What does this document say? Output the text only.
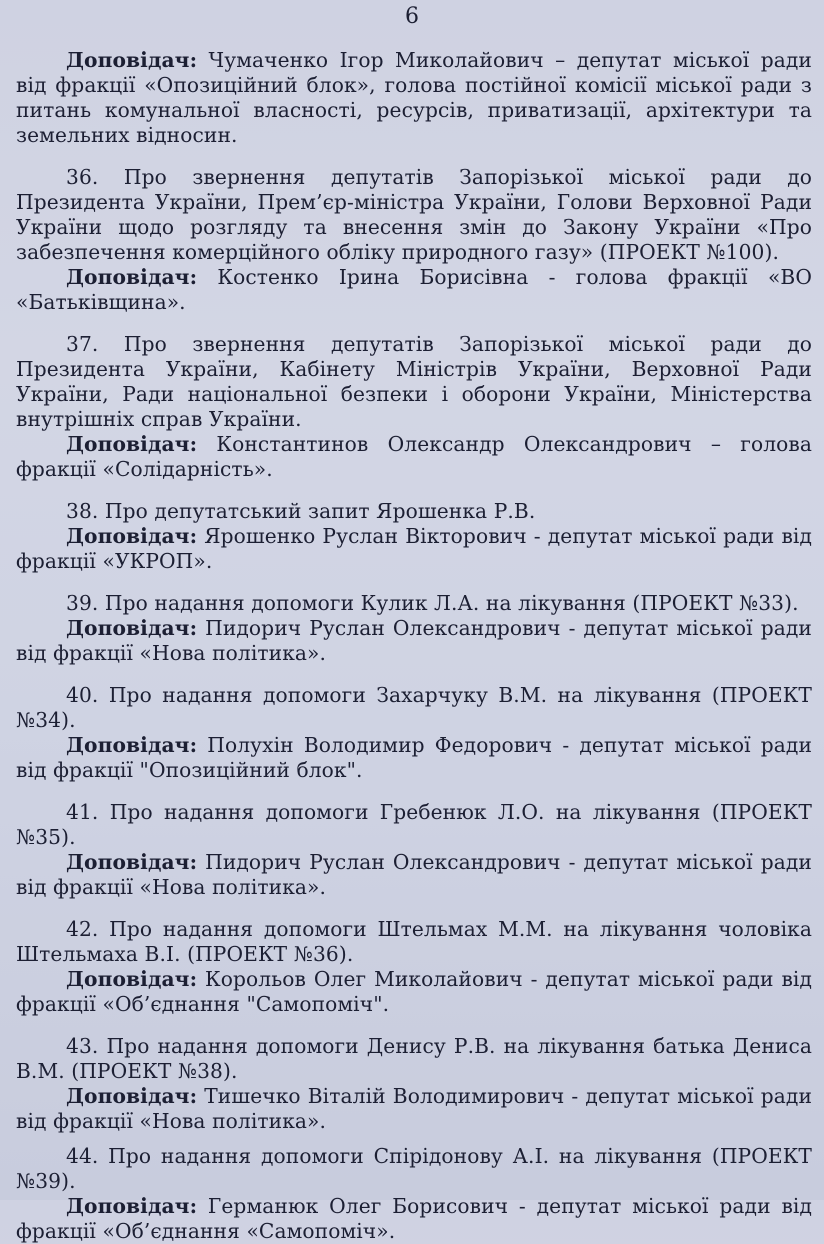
6

Доповідач: Чумаченко Ігор Миколайович – депутат міської ради від фракції «Опозиційний блок», голова постійної комісії міської ради з питань комунальної власності, ресурсів, приватизації, архітектури та земельних відносин.

36. Про звернення депутатів Запорізької міської ради до Президента України, Прем’єр-міністра України, Голови Верховної Ради України щодо розгляду та внесення змін до Закону України «Про забезпечення комерційного обліку природного газу» (ПРОЕКТ №100).

Доповідач: Костенко Ірина Борисівна - голова фракції «ВО «Батьківщина».

37. Про звернення депутатів Запорізької міської ради до Президента України, Кабінету Міністрів України, Верховної Ради України, Ради національної безпеки і оборони України, Міністерства внутрішніх справ України.

Доповідач: Константинов Олександр Олександрович – голова фракції «Солідарність».

38. Про депутатський запит Ярошенка Р.В.

Доповідач: Ярошенко Руслан Вікторович - депутат міської ради від фракції «УКРОП».

39. Про надання допомоги Кулик Л.А. на лікування (ПРОЕКТ №33).

Доповідач: Пидорич Руслан Олександрович - депутат міської ради від фракції «Нова політика».

40. Про надання допомоги Захарчуку В.М. на лікування (ПРОЕКТ №34).

Доповідач: Полухін Володимир Федорович - депутат міської ради від фракції "Опозиційний блок".

41. Про надання допомоги Гребенюк Л.О. на лікування (ПРОЕКТ №35).

Доповідач: Пидорич Руслан Олександрович - депутат міської ради від фракції «Нова політика».

42. Про надання допомоги Штельмах М.М. на лікування чоловіка Штельмаха В.І. (ПРОЕКТ №36).

Доповідач: Корольов Олег Миколайович - депутат міської ради від фракції «Об’єднання "Самопоміч".

43. Про надання допомоги Денису Р.В. на лікування батька Дениса В.М. (ПРОЕКТ №38).

Доповідач: Тишечко Віталій Володимирович - депутат міської ради від фракції «Нова політика».

44. Про надання допомоги Спірідонову А.І. на лікування (ПРОЕКТ №39).

Доповідач: Германюк Олег Борисович - депутат міської ради від фракції «Об’єднання «Самопоміч».
